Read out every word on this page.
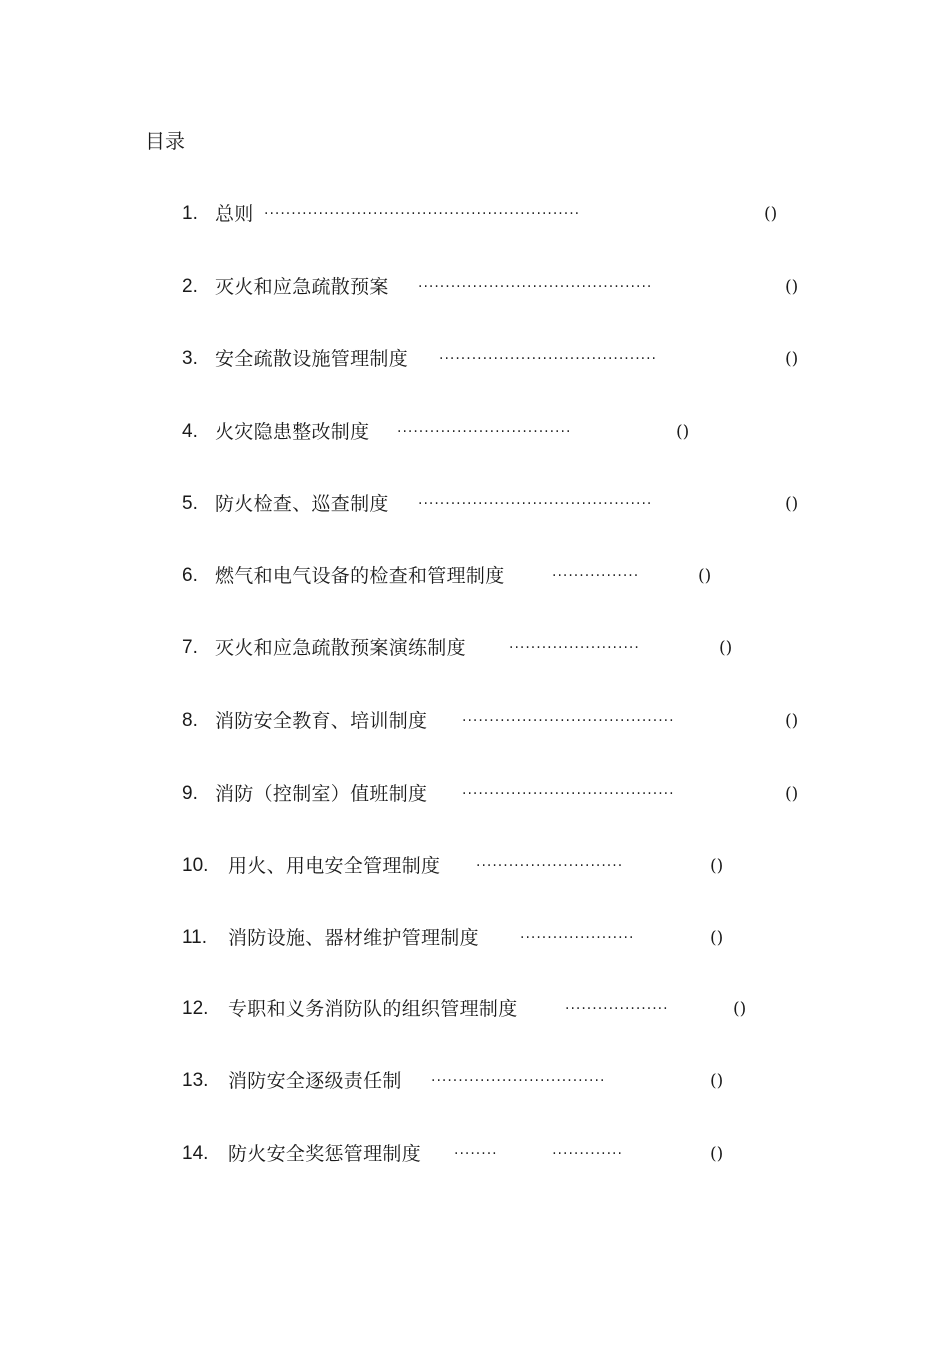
目录
1. 总则 ··························································	()
2. 灭火和应急疏散预案 ···········································	()
3. 安全疏散设施管理制度 ········································	()
4. 火灾隐患整改制度 ································	()
5. 防火检查、巡查制度 ···········································	()
6. 燃气和电气设备的检查和管理制度	················	()
7. 灭火和应急疏散预案演练制度	························	()
8. 消防安全教育、培训制度 ·······································	()
9. 消防（控制室）值班制度 ·······································	()
10. 用火、用电安全管理制度	···························	()
11. 消防设施、器材维护管理制度	·····················	()
12. 专职和义务消防队的组织管理制度	···················	()
13. 消防安全逐级责任制 ································	()
14. 防火安全奖惩管理制度 ········          ·············	()
